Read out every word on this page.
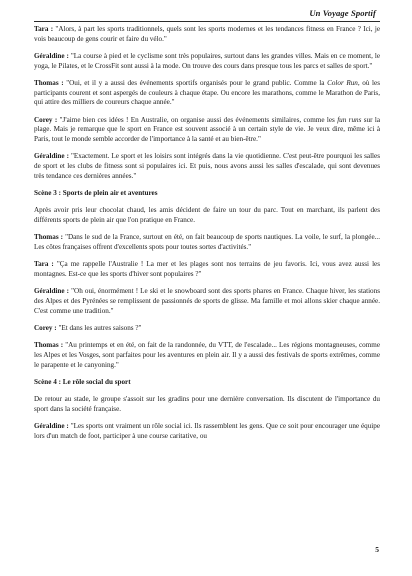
Un Voyage Sportif

Tara : "Alors, à part les sports traditionnels, quels sont les sports modernes et les tendances fitness en France ? Ici, je vois beaucoup de gens courir et faire du vélo."

Géraldine : "La course à pied et le cyclisme sont très populaires, surtout dans les grandes villes. Mais en ce moment, le yoga, le Pilates, et le CrossFit sont aussi à la mode. On trouve des cours dans presque tous les parcs et salles de sport."

Thomas : "Oui, et il y a aussi des événements sportifs organisés pour le grand public. Comme la Color Run, où les participants courent et sont aspergés de couleurs à chaque étape. Ou encore les marathons, comme le Marathon de Paris, qui attire des milliers de coureurs chaque année."

Corey : "J'aime bien ces idées ! En Australie, on organise aussi des événements similaires, comme les fun runs sur la plage. Mais je remarque que le sport en France est souvent associé à un certain style de vie. Je veux dire, même ici à Paris, tout le monde semble accorder de l'importance à la santé et au bien-être."

Géraldine : "Exactement. Le sport et les loisirs sont intégrés dans la vie quotidienne. C'est peut-être pourquoi les salles de sport et les clubs de fitness sont si populaires ici. Et puis, nous avons aussi les salles d'escalade, qui sont devenues très tendance ces dernières années."

Scène 3 : Sports de plein air et aventures

Après avoir pris leur chocolat chaud, les amis décident de faire un tour du parc. Tout en marchant, ils parlent des différents sports de plein air que l'on pratique en France.

Thomas : "Dans le sud de la France, surtout en été, on fait beaucoup de sports nautiques. La voile, le surf, la plongée... Les côtes françaises offrent d'excellents spots pour toutes sortes d'activités."

Tara : "Ça me rappelle l'Australie ! La mer et les plages sont nos terrains de jeu favoris. Ici, vous avez aussi les montagnes. Est-ce que les sports d'hiver sont populaires ?"

Géraldine : "Oh oui, énormément ! Le ski et le snowboard sont des sports phares en France. Chaque hiver, les stations des Alpes et des Pyrénées se remplissent de passionnés de sports de glisse. Ma famille et moi allons skier chaque année. C'est comme une tradition."

Corey : "Et dans les autres saisons ?"

Thomas : "Au printemps et en été, on fait de la randonnée, du VTT, de l'escalade... Les régions montagneuses, comme les Alpes et les Vosges, sont parfaites pour les aventures en plein air. Il y a aussi des festivals de sports extrêmes, comme le parapente et le canyoning."

Scène 4 : Le rôle social du sport

De retour au stade, le groupe s'assoit sur les gradins pour une dernière conversation. Ils discutent de l'importance du sport dans la société française.

Géraldine : "Les sports ont vraiment un rôle social ici. Ils rassemblent les gens. Que ce soit pour encourager une équipe lors d'un match de foot, participer à une course caritative, ou

5
